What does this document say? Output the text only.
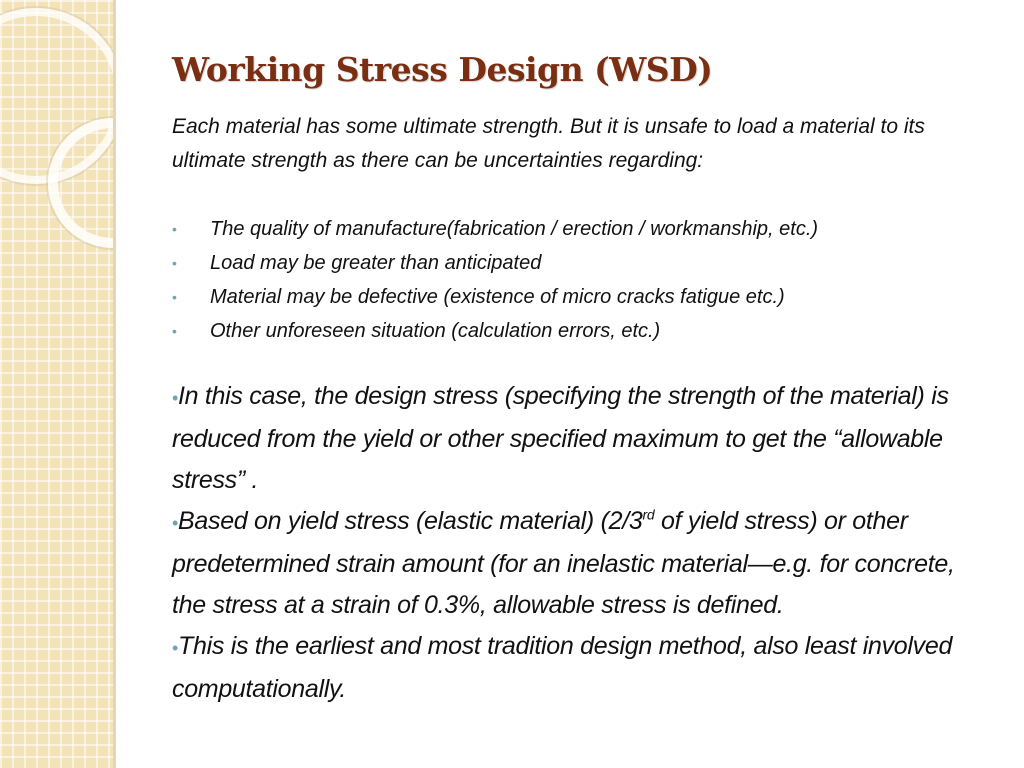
Working Stress Design (WSD)

Each material has some ultimate strength. But it is unsafe to load a material to its ultimate strength as there can be uncertainties regarding:

• The quality of manufacture(fabrication / erection / workmanship, etc.)
• Load may be greater than anticipated
• Material may be defective (existence of micro cracks fatigue etc.)
• Other unforeseen situation (calculation errors, etc.)

•In this case, the design stress (specifying the strength of the material) is reduced from the yield or other specified maximum to get the “allowable stress” .

•Based on yield stress (elastic material) (2/3rd of yield stress) or other predetermined strain amount (for an inelastic material—e.g. for concrete, the stress at a strain of 0.3%, allowable stress is defined.

•This is the earliest and most tradition design method, also least involved computationally.
